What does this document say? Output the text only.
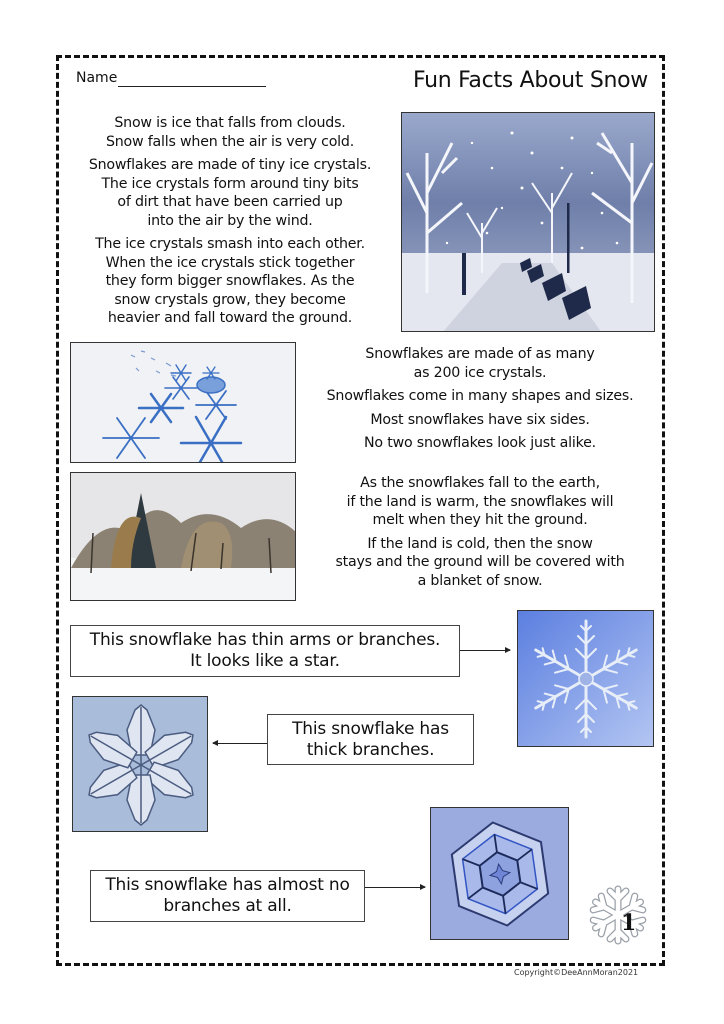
Name	Fun Facts About Snow

Snow is ice that falls from clouds.
Snow falls when the air is very cold.

Snowflakes are made of tiny ice crystals.
The ice crystals form around tiny bits
of dirt that have been carried up
into the air by the wind.

The ice crystals smash into each other.
When the ice crystals stick together
they form bigger snowflakes. As the
snow crystals grow, they become
heavier and fall toward the ground.

Snowflakes are made of as many
as 200 ice crystals.

Snowflakes come in many shapes and sizes.

Most snowflakes have six sides.

No two snowflakes look just alike.

As the snowflakes fall to the earth,
if the land is warm, the snowflakes will
melt when they hit the ground.

If the land is cold, then the snow
stays and the ground will be covered with
a blanket of snow.

This snowflake has thin arms or branches.
It looks like a star.
This snowflake has
thick branches.
This snowflake has almost no
branches at all.
1
Copyright©DeeAnnMoran2021
